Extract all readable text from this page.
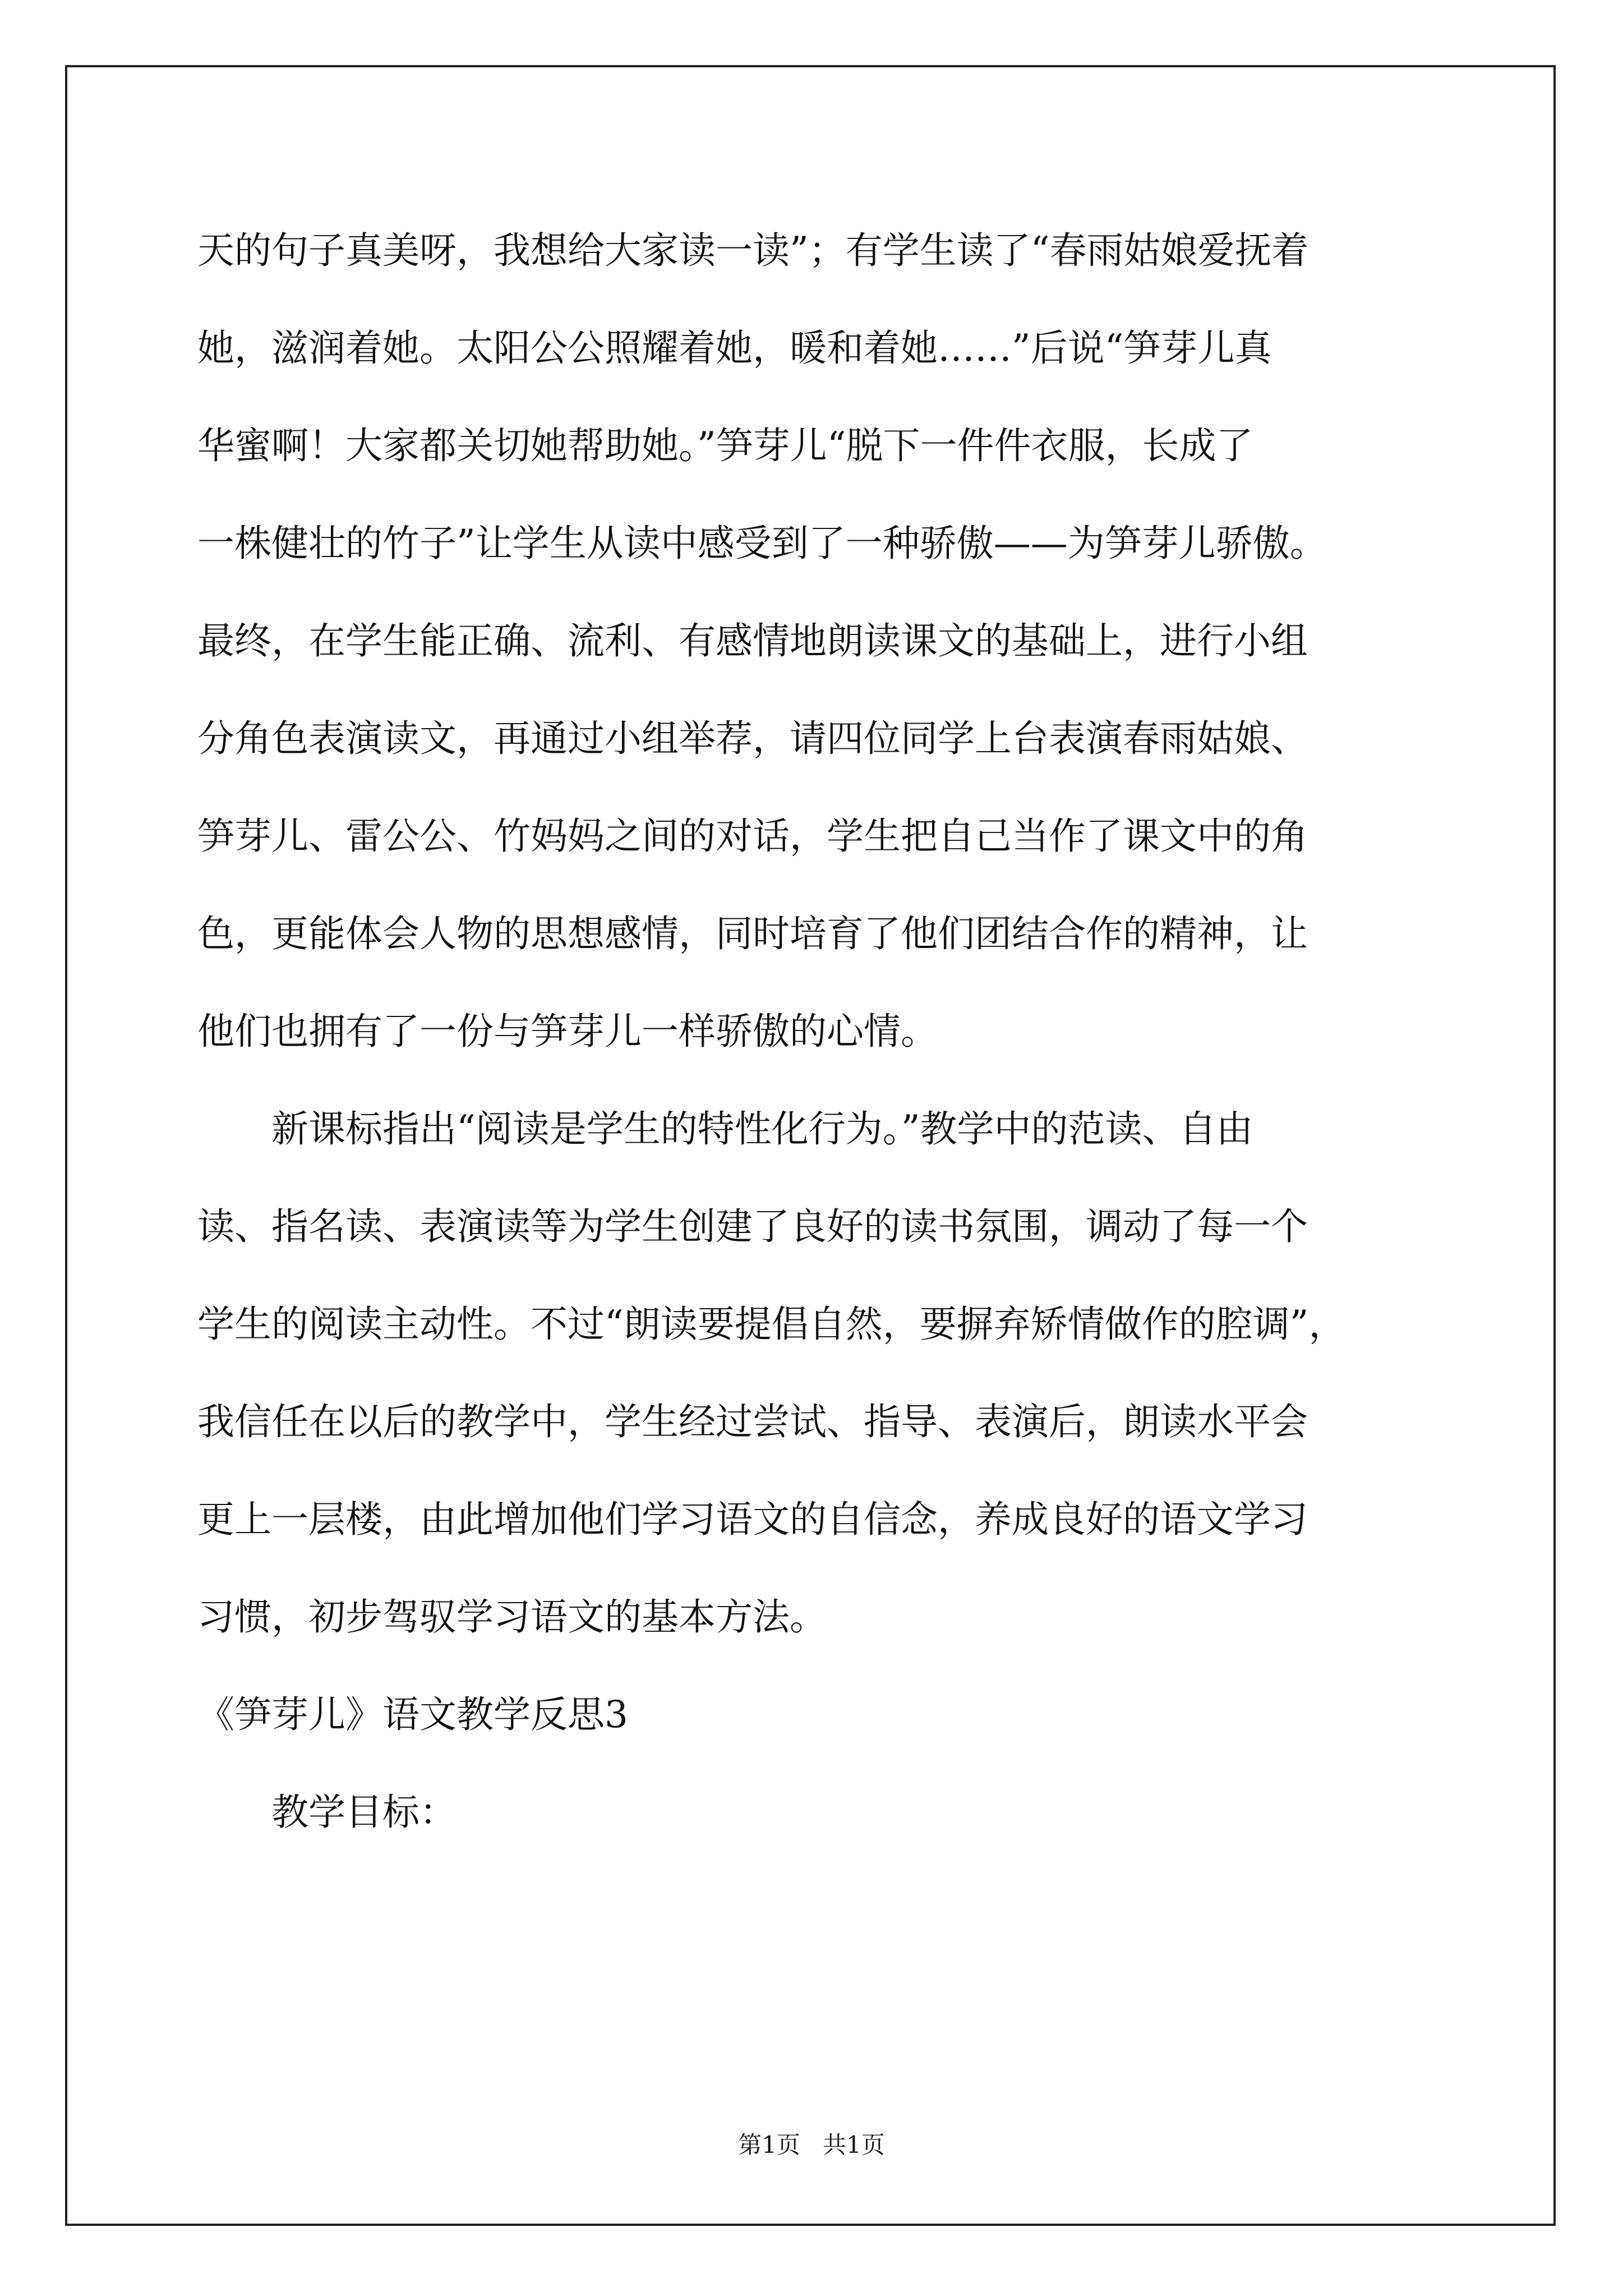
天的句子真美呀，我想给大家读一读”；有学生读了“春雨姑娘爱抚着
她，滋润着她。太阳公公照耀着她，暖和着她……”后说“笋芽儿真
华蜜啊！大家都关切她帮助她。”笋芽儿“脱下一件件衣服，长成了
一株健壮的竹子”让学生从读中感受到了一种骄傲——为笋芽儿骄傲。
最终，在学生能正确、流利、有感情地朗读课文的基础上，进行小组
分角色表演读文，再通过小组举荐，请四位同学上台表演春雨姑娘、
笋芽儿、雷公公、竹妈妈之间的对话，学生把自己当作了课文中的角
色，更能体会人物的思想感情，同时培育了他们团结合作的精神，让
他们也拥有了一份与笋芽儿一样骄傲的心情。
新课标指出“阅读是学生的特性化行为。”教学中的范读、自由
读、指名读、表演读等为学生创建了良好的读书氛围，调动了每一个
学生的阅读主动性。不过“朗读要提倡自然，要摒弃矫情做作的腔调”，
我信任在以后的教学中，学生经过尝试、指导、表演后，朗读水平会
更上一层楼，由此增加他们学习语文的自信念，养成良好的语文学习
习惯，初步驾驭学习语文的基本方法。
《笋芽儿》语文教学反思3
教学目标：
第1页 共1页
